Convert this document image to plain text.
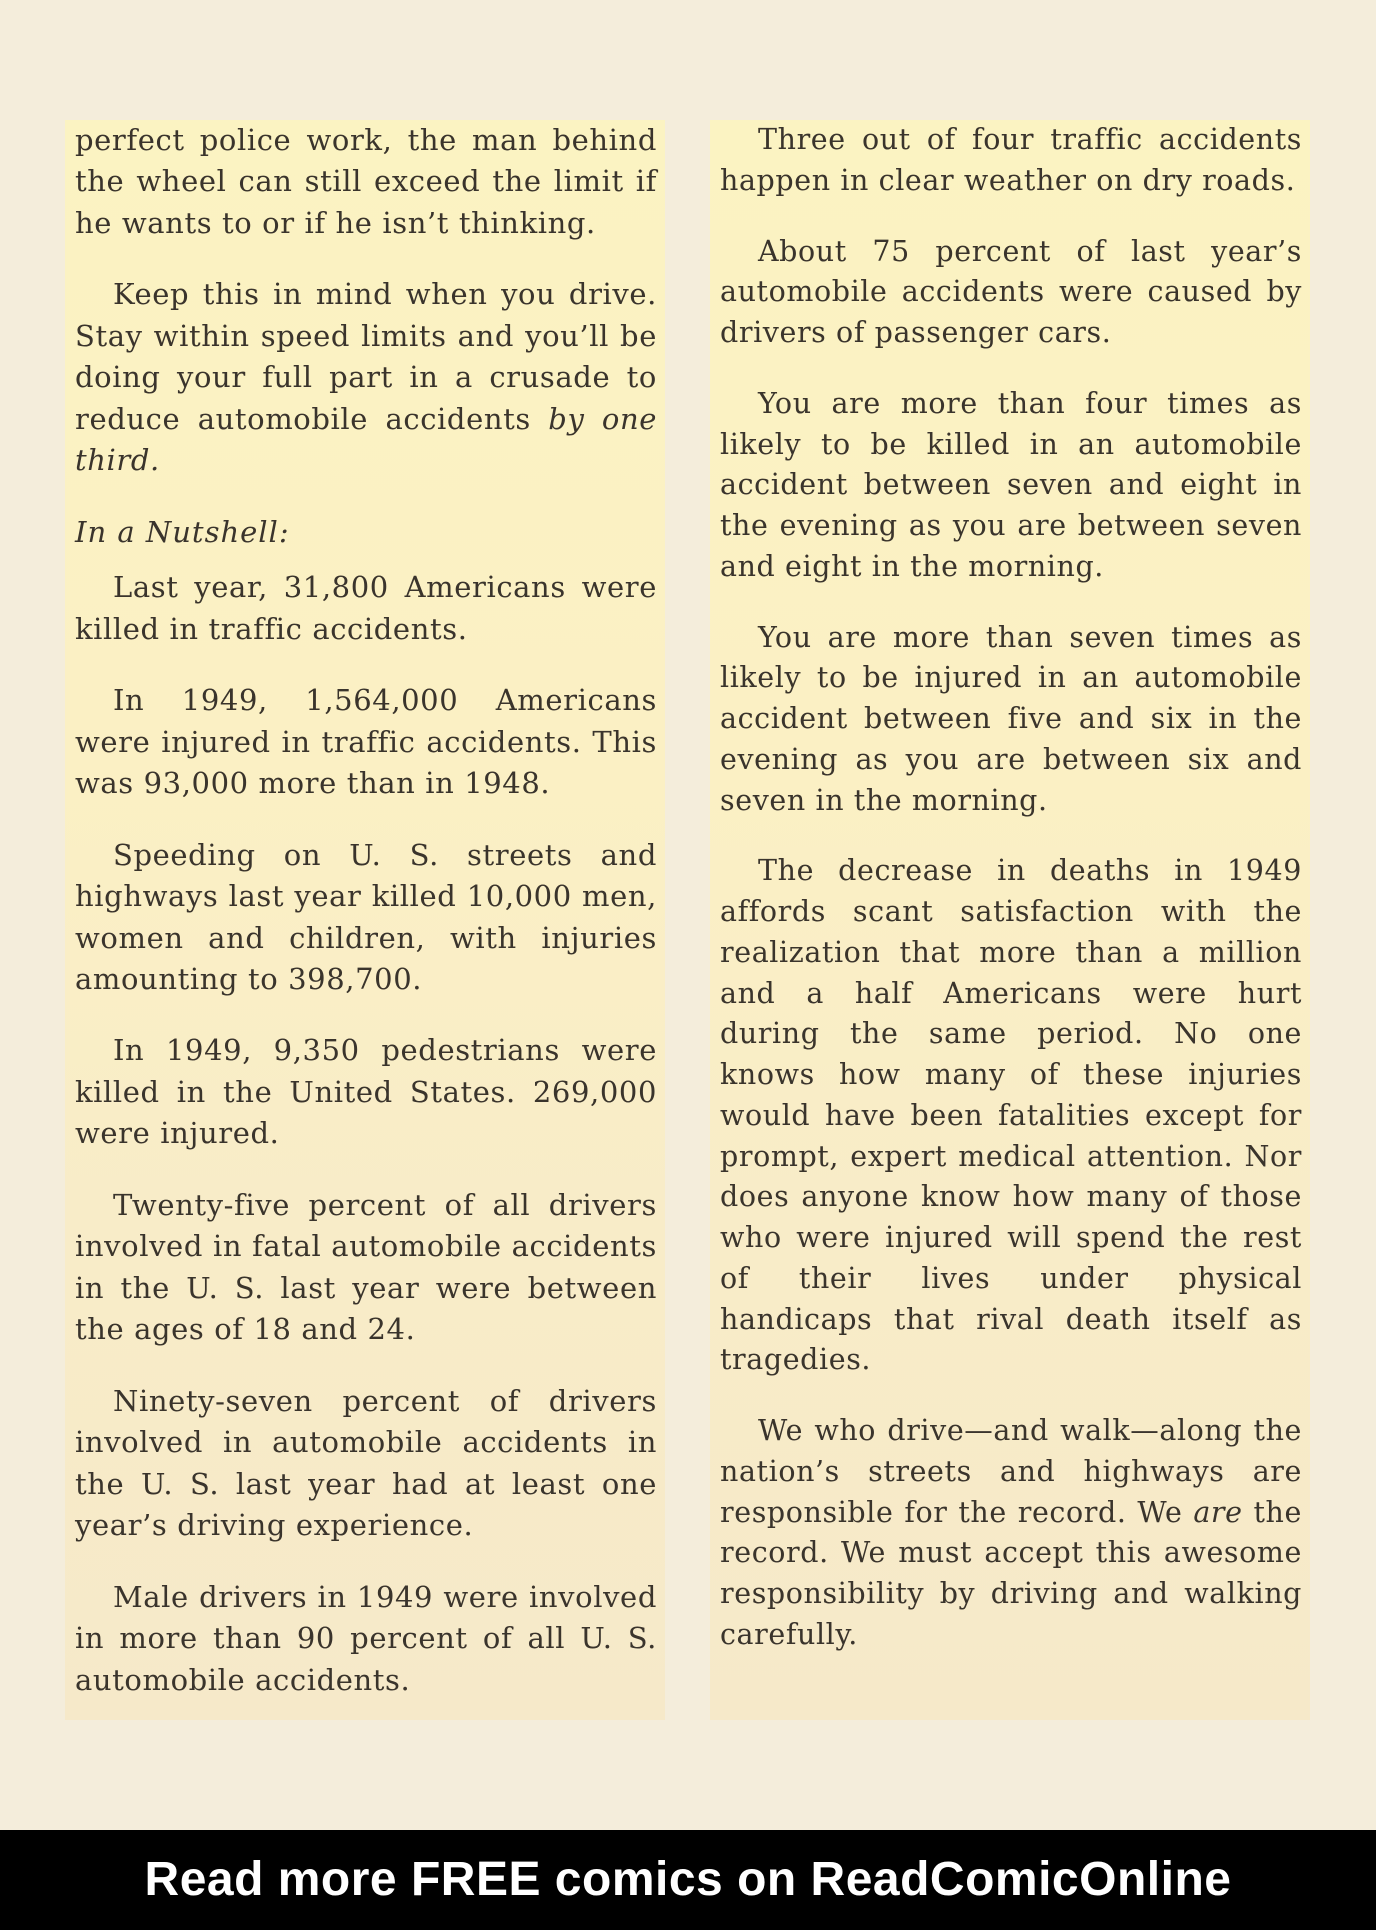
perfect police work, the man behind the wheel can still exceed the limit if he wants to or if he isn’t thinking.

Keep this in mind when you drive. Stay within speed limits and you’ll be doing your full part in a crusade to reduce automobile accidents by one third.

In a Nutshell:

Last year, 31,800 Americans were killed in traffic accidents.

In 1949, 1,564,000 Americans were injured in traffic accidents. This was 93,000 more than in 1948.

Speeding on U. S. streets and highways last year killed 10,000 men, women and children, with injuries amounting to 398,700.

In 1949, 9,350 pedestrians were killed in the United States. 269,000 were injured.

Twenty-five percent of all drivers involved in fatal automobile accidents in the U. S. last year were between the ages of 18 and 24.

Ninety-seven percent of drivers involved in automobile accidents in the U. S. last year had at least one year’s driving experience.

Male drivers in 1949 were involved in more than 90 percent of all U. S. automobile accidents.

Three out of four traffic accidents happen in clear weather on dry roads.

About 75 percent of last year’s automobile accidents were caused by drivers of passenger cars.

You are more than four times as likely to be killed in an automobile accident between seven and eight in the evening as you are between seven and eight in the morning.

You are more than seven times as likely to be injured in an automobile accident between five and six in the evening as you are between six and seven in the morning.

The decrease in deaths in 1949 affords scant satisfaction with the realization that more than a million and a half Americans were hurt during the same period. No one knows how many of these injuries would have been fatalities except for prompt, expert medical attention. Nor does anyone know how many of those who were injured will spend the rest of their lives under physical handicaps that rival death itself as tragedies.

We who drive—and walk—along the nation’s streets and highways are responsible for the record. We are the record. We must accept this awesome responsibility by driving and walking carefully.

Read more FREE comics on ReadComicOnline
